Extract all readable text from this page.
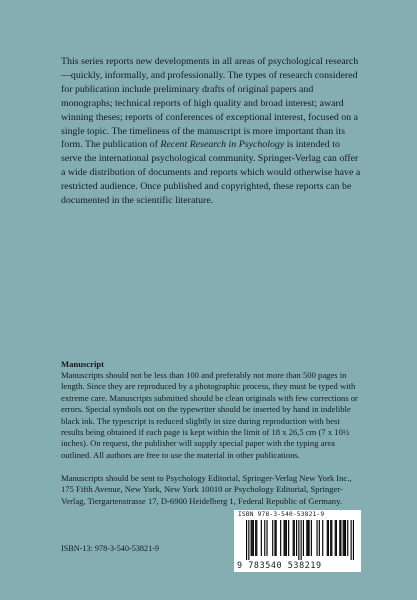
This series reports new developments in all areas of psychological research—quickly, informally, and professionally. The types of research considered for publication include preliminary drafts of original papers and monographs; technical reports of high quality and broad interest; award winning theses; reports of conferences of exceptional interest, focused on a single topic. The timeliness of the manuscript is more important than its form. The publication of Recent Research in Psychology is intended to serve the international psychological community. Springer-Verlag can offer a wide distribution of documents and reports which would otherwise have a restricted audience. Once published and copyrighted, these reports can be documented in the scientific literature.

Manuscript

Manuscripts should not be less than 100 and preferably not more than 500 pages in length. Since they are reproduced by a photographic process, they must be typed with extreme care. Manuscripts submitted should be clean originals with few corrections or errors. Special symbols not on the typewriter should be inserted by hand in indelible black ink. The typescript is reduced slightly in size during reproduction with best results being obtained if each page is kept within the limit of 18 x 26,5 cm (7 x 10½ inches). On request, the publisher will supply special paper with the typing area outlined. All authors are free to use the material in other publications.

Manuscripts should be sent to Psychology Editorial, Springer-Verlag New York Inc., 175 Fifth Avenue, New York, New York 10010 or Psychology Editorial, Springer-Verlag, Tiergartenstrasse 17, D-6900 Heidelberg 1, Federal Republic of Germany.

ISBN-13: 978-3-540-53821-9

ISBN 978-3-540-53821-9
9 783540 538219
